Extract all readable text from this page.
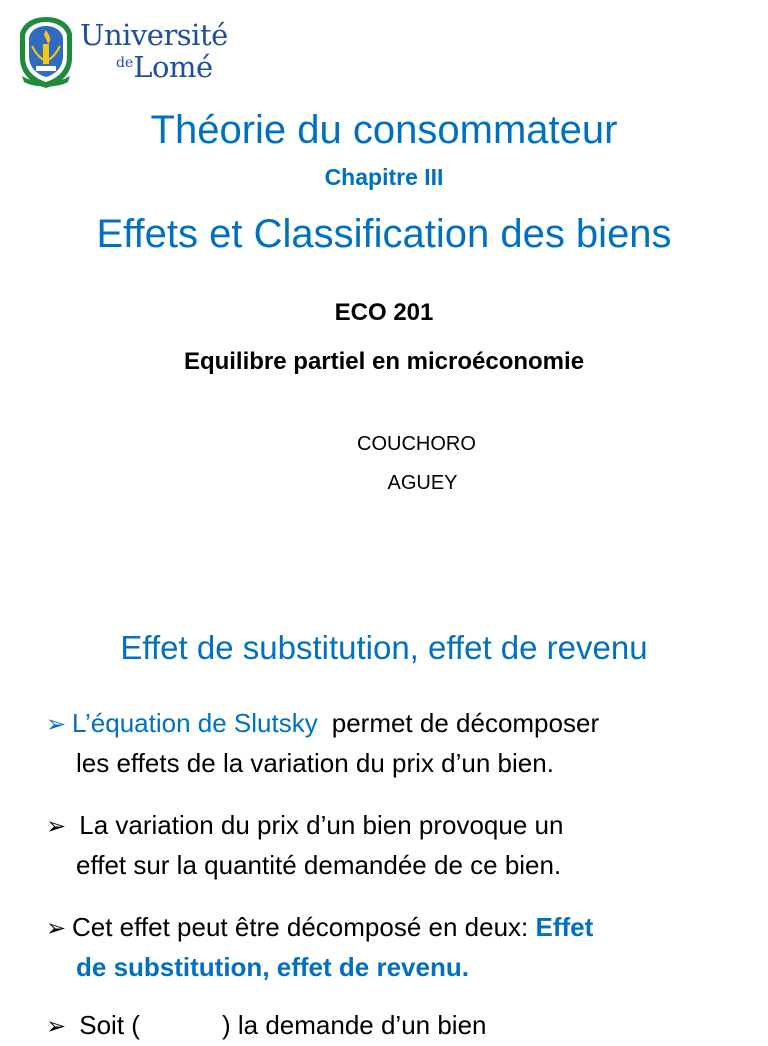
Université
deLomé
Théorie du consommateur
Chapitre III
Effets et Classification des biens
ECO 201
Equilibre partiel en microéconomie
COUCHORO
AGUEY
Effet de substitution, effet de revenu
➢ L’équation de Slutsky permet de décomposer
les effets de la variation du prix d’un bien.
➢ La variation du prix d’un bien provoque un
effet sur la quantité demandée de ce bien.
➢ Cet effet peut être décomposé en deux: Effet
de substitution, effet de revenu.
➢ Soit (	) la demande d’un bien
